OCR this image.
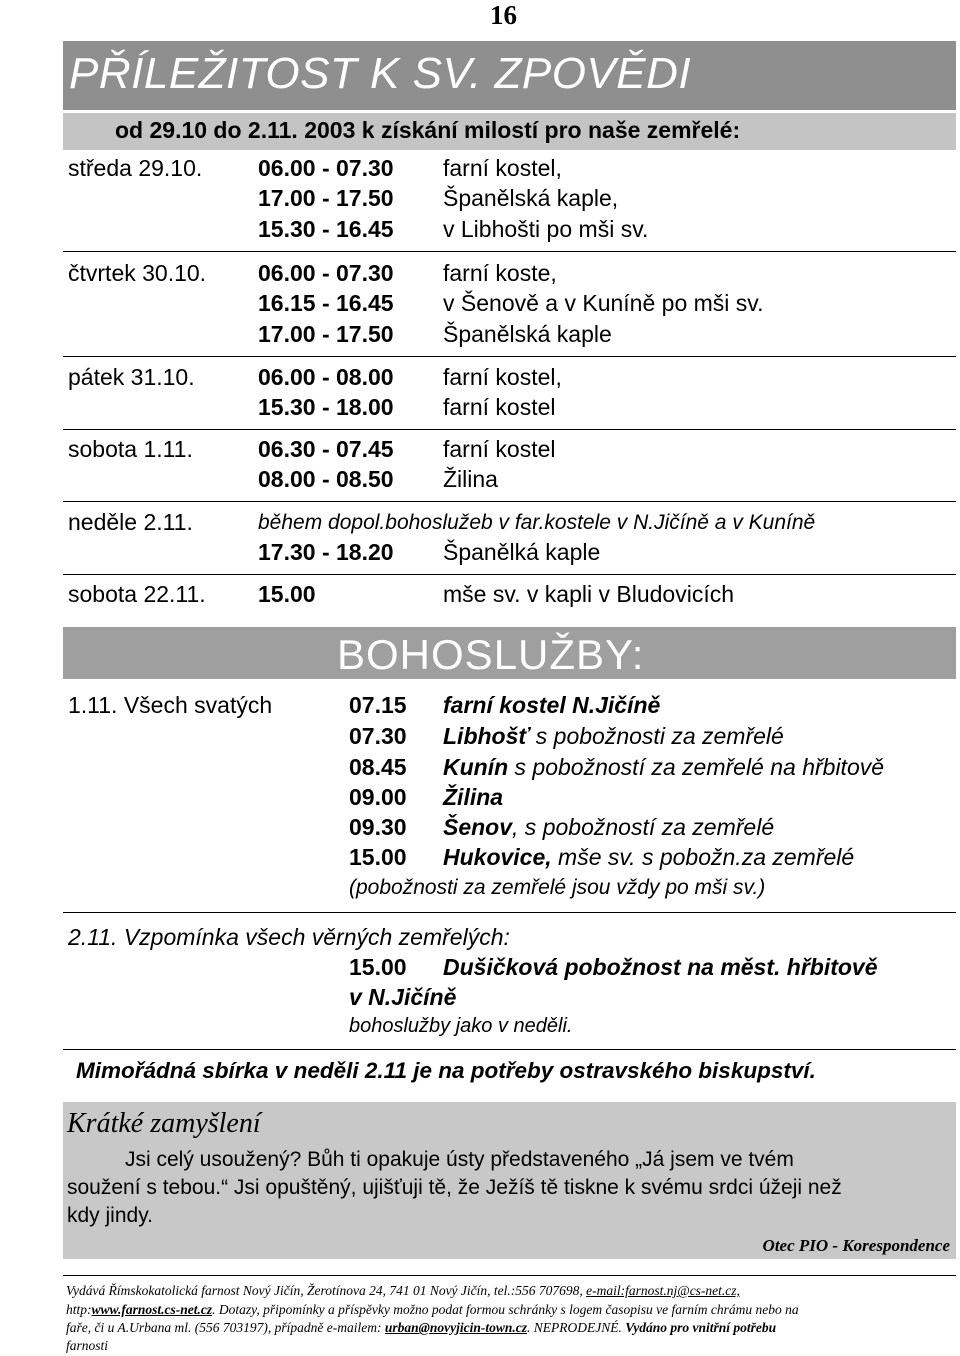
16
PŘÍLEŽITOST K SV. ZPOVĚDI
od 29.10 do 2.11. 2003 k získání milostí pro naše zemřelé:
středa 29.10. 06.00 - 07.30 farní kostel,
17.00 - 17.50 Španělská kaple,
15.30 - 16.45 v Libhošti po mši sv.
čtvrtek 30.10. 06.00 - 07.30 farní koste,
16.15 - 16.45 v Šenově a v Kuníně po mši sv.
17.00 - 17.50 Španělská kaple
pátek 31.10.	06.00 - 08.00 farní kostel,
15.30 - 18.00 farní kostel
sobota 1.11.	06.30 - 07.45 farní kostel
08.00 - 08.50 Žilina
neděle 2.11.	během dopol.bohoslužeb v far.kostele v N.Jičíně a v Kuníně
17.30 - 18.20 Španělká kaple
sobota 22.11. 15.00	mše sv. v kapli v Bludovicích
BOHOSLUŽBY:
1.11. Všech svatých	07.15 farní kostel N.Jičíně
07.30 Libhošť s pobožnosti za zemřelé
08.45 Kunín s pobožností za zemřelé na hřbitově
09.00 Žilina
09.30 Šenov, s pobožností za zemřelé
15.00 Hukovice, mše sv. s pobožn.za zemřelé
(pobožnosti za zemřelé jsou vždy po mši sv.)
2.11. Vzpomínka všech věrných zemřelých:
15.00 Dušičková pobožnost na měst. hřbitově
v N.Jičíně
bohoslužby jako v neděli.
Mimořádná sbírka v neděli 2.11 je na potřeby ostravského biskupství.
Krátké zamyšlení
Jsi celý usoužený? Bůh ti opakuje ústy představeného „Já jsem ve tvém
soužení s tebou.“ Jsi opuštěný, ujišťuji tě, že Ježíš tě tiskne k svému srdci úžeji než
kdy jindy.
Otec PIO - Korespondence
Vydává Římskokatolická farnost Nový Jičín, Žerotínova 24, 741 01 Nový Jičín, tel.:556 707698, e-mail:farnost.nj@cs-net.cz,
http:www.farnost.cs-net.cz. Dotazy, připomínky a příspěvky možno podat formou schránky s logem časopisu ve farním chrámu nebo na
faře, či u A.Urbana ml. (556 703197), případně e-mailem: urban@novyjicin-town.cz. NEPRODEJNÉ. Vydáno pro vnitřní potřebu
farnosti
